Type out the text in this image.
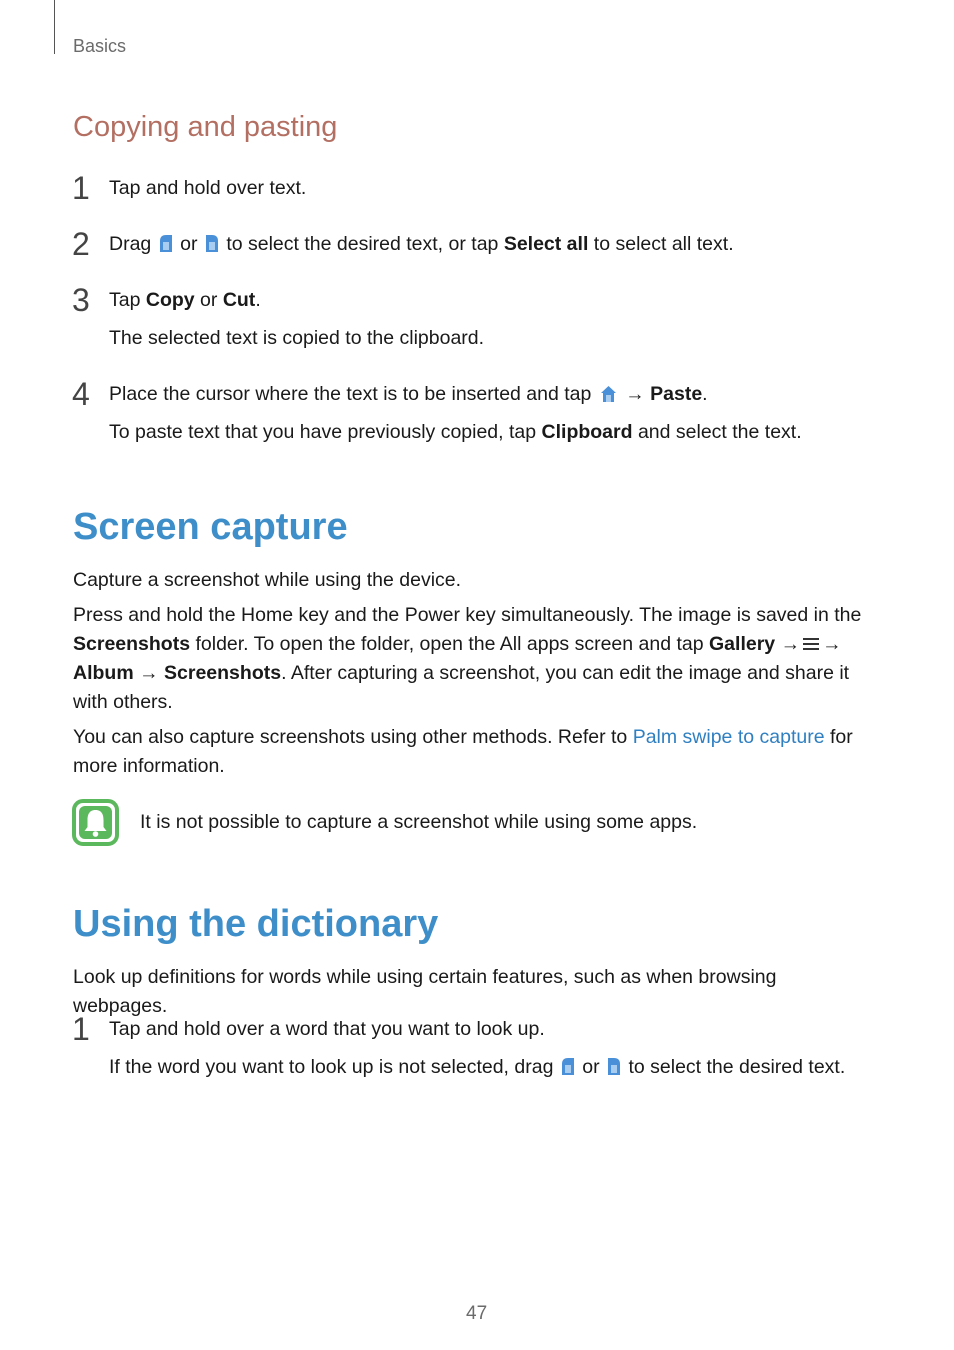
Basics
Copying and pasting
1 Tap and hold over text.
2 Drag or to select the desired text, or tap Select all to select all text.
3 Tap Copy or Cut.
The selected text is copied to the clipboard.
4 Place the cursor where the text is to be inserted and tap → Paste.
To paste text that you have previously copied, tap Clipboard and select the text.
Screen capture
Capture a screenshot while using the device.
Press and hold the Home key and the Power key simultaneously. The image is saved in the Screenshots folder. To open the folder, open the All apps screen and tap Gallery → → Album → Screenshots. After capturing a screenshot, you can edit the image and share it with others.
You can also capture screenshots using other methods. Refer to Palm swipe to capture for more information.
It is not possible to capture a screenshot while using some apps.
Using the dictionary
Look up definitions for words while using certain features, such as when browsing webpages.
1 Tap and hold over a word that you want to look up.
If the word you want to look up is not selected, drag or to select the desired text.
47
